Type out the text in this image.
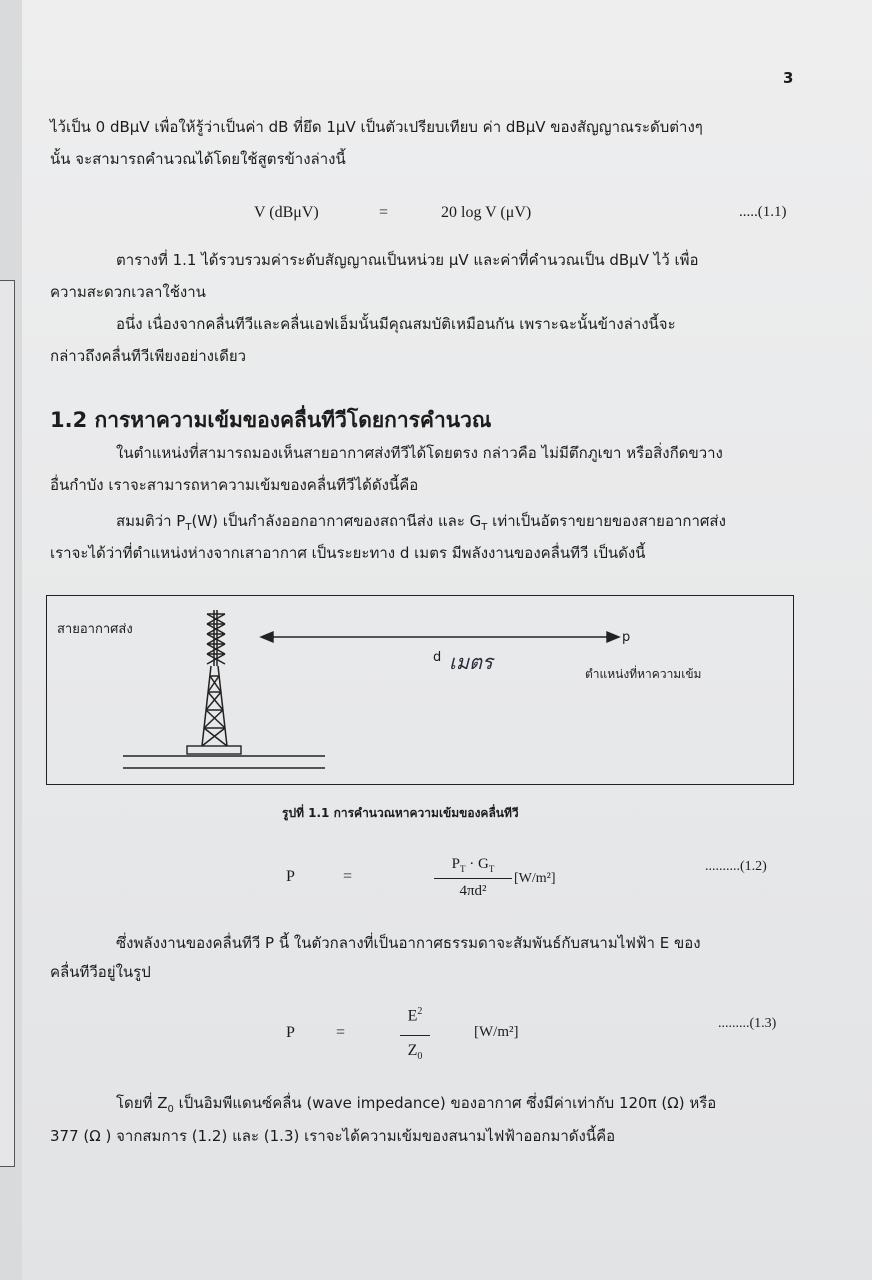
3
ไว้เป็น 0 dBμV เพื่อให้รู้ว่าเป็นค่า dB ที่ยึด 1μV เป็นตัวเปรียบเทียบ ค่า dBμV ของสัญญาณระดับต่างๆ
นั้น จะสามารถคำนวณได้โดยใช้สูตรข้างล่างนี้
V (dBμV)	=	20 log V (μV)	.....(1.1)
ตารางที่ 1.1 ได้รวบรวมค่าระดับสัญญาณเป็นหน่วย μV และค่าที่คำนวณเป็น dBμV ไว้ เพื่อ
ความสะดวกเวลาใช้งาน
อนึ่ง เนื่องจากคลื่นทีวีและคลื่นเอฟเอ็มนั้นมีคุณสมบัติเหมือนกัน เพราะฉะนั้นข้างล่างนี้จะ
กล่าวถึงคลื่นทีวีเพียงอย่างเดียว
1.2 การหาความเข้มของคลื่นทีวีโดยการคำนวณ
ในตำแหน่งที่สามารถมองเห็นสายอากาศส่งทีวีได้โดยตรง กล่าวคือ ไม่มีตึกภูเขา หรือสิ่งกีดขวาง
อื่นกำบัง เราจะสามารถหาความเข้มของคลื่นทีวีได้ดังนี้คือ
สมมติว่า $P_T(W)$ เป็นกำลังออกอากาศของสถานีส่ง และ $G_T$ เท่าเป็นอัตราขยายของสายอากาศส่ง
เราจะได้ว่าที่ตำแหน่งห่างจากเสาอากาศ เป็นระยะทาง d เมตร มีพลังงานของคลื่นทีวี เป็นดังนี้
สายอากาศส่ง
d เมตร
p
ตำแหน่งที่หาความเข้ม
รูปที่ 1.1 การคำนวณหาความเข้มของคลื่นทีวี
P	=
$P_T \cdot G_T$
4πd²
[W/m²]
..........(1.2)
ซึ่งพลังงานของคลื่นทีวี P นี้ ในตัวกลางที่เป็นอากาศธรรมดาจะสัมพันธ์กับสนามไฟฟ้า E ของ
คลื่นทีวีอยู่ในรูป
P	=
$E^2$
$Z_0$
[W/m²]
.........(1.3)
โดยที่ $Z_0$ เป็นอิมพีแดนซ์คลื่น (wave impedance) ของอากาศ ซึ่งมีค่าเท่ากับ 120π (Ω) หรือ
377 (Ω ) จากสมการ (1.2) และ (1.3) เราจะได้ความเข้มของสนามไฟฟ้าออกมาดังนี้คือ
